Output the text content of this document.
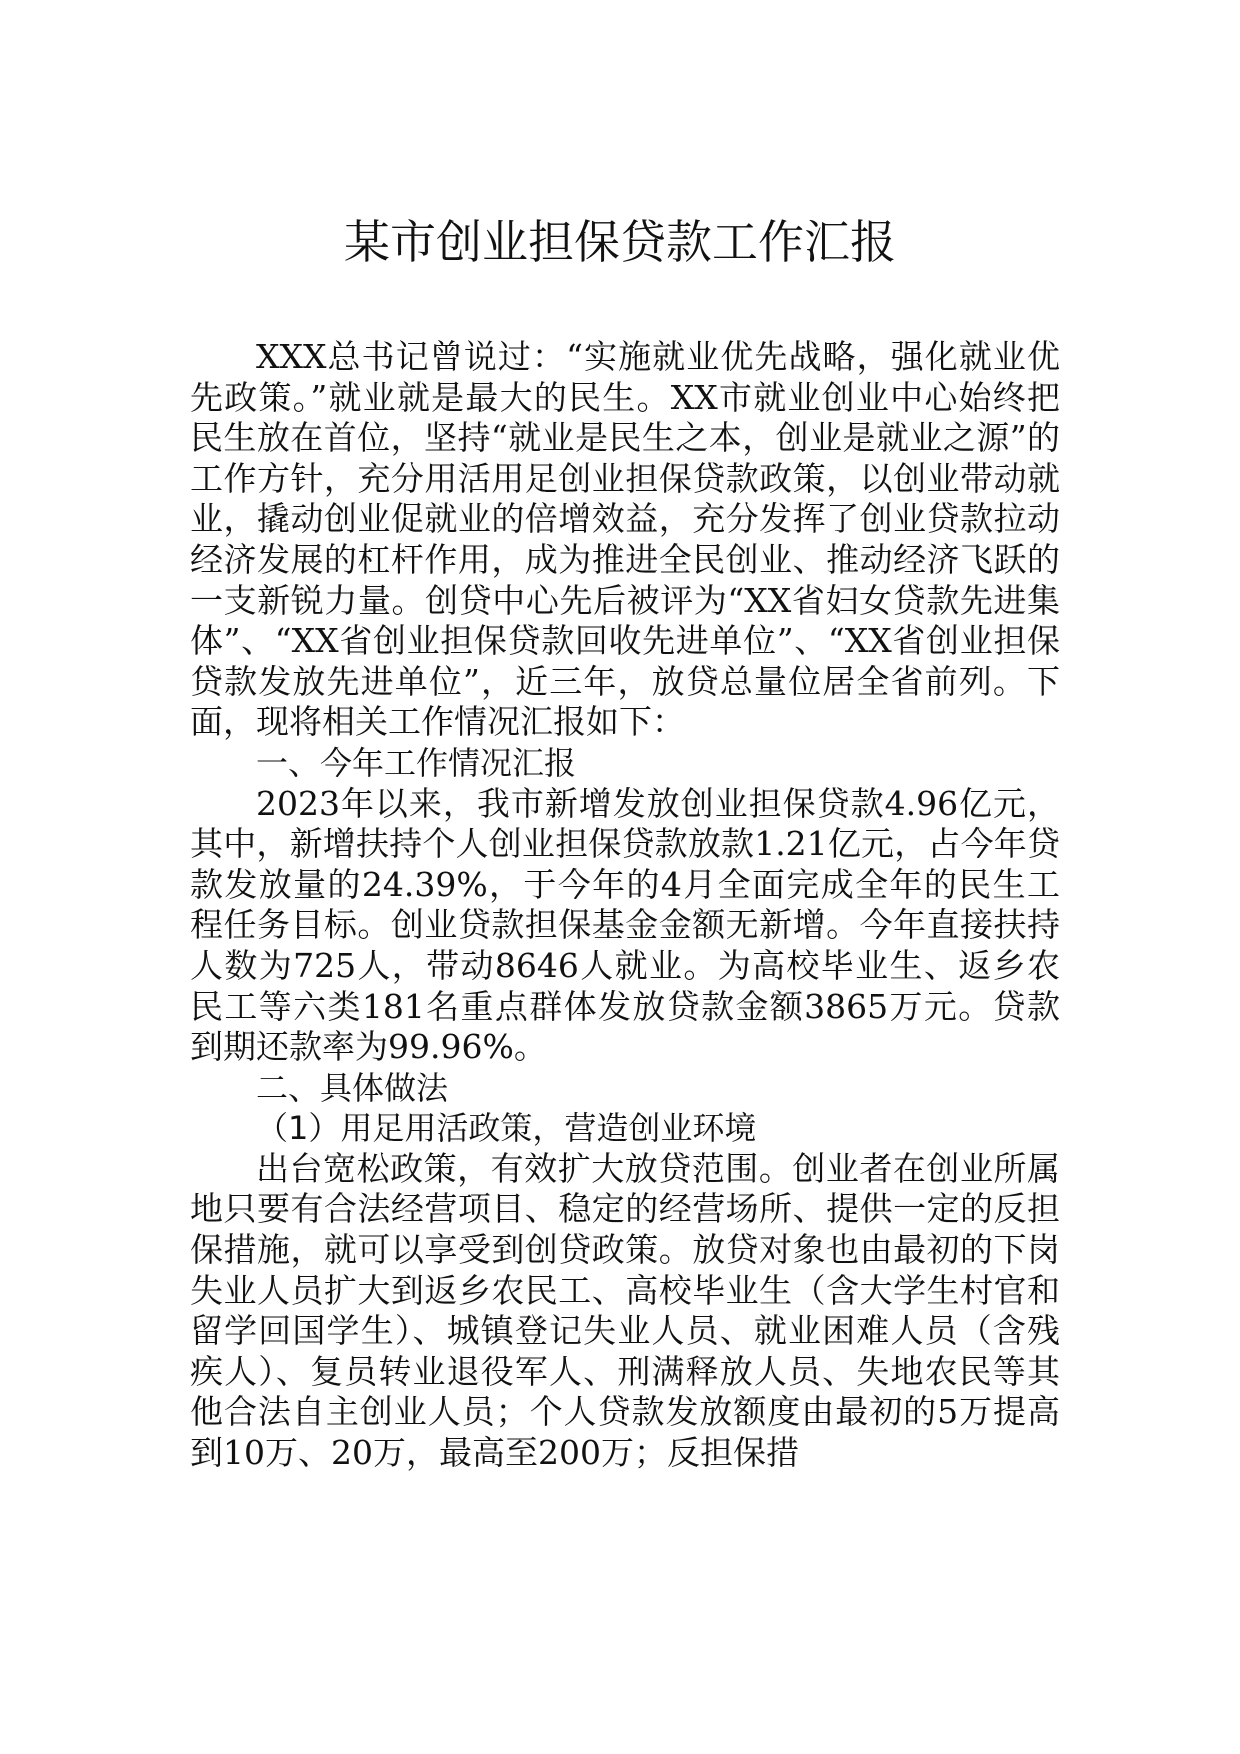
某市创业担保贷款工作汇报

XXX总书记曾说过：“实施就业优先战略，强化就业优先政策。”就业就是最大的民生。XX市就业创业中心始终把民生放在首位，坚持“就业是民生之本，创业是就业之源”的工作方针，充分用活用足创业担保贷款政策，以创业带动就业，撬动创业促就业的倍增效益，充分发挥了创业贷款拉动经济发展的杠杆作用，成为推进全民创业、推动经济飞跃的一支新锐力量。创贷中心先后被评为“XX省妇女贷款先进集体”、“XX省创业担保贷款回收先进单位”、“XX省创业担保贷款发放先进单位”，近三年，放贷总量位居全省前列。下面，现将相关工作情况汇报如下：

一、今年工作情况汇报

2023年以来，我市新增发放创业担保贷款4.96亿元，其中，新增扶持个人创业担保贷款放款1.21亿元，占今年贷款发放量的24.39%，于今年的4月全面完成全年的民生工程任务目标。创业贷款担保基金金额无新增。今年直接扶持人数为725人，带动8646人就业。为高校毕业生、返乡农民工等六类181名重点群体发放贷款金额3865万元。贷款到期还款率为99.96%。

二、具体做法

（1）用足用活政策，营造创业环境

出台宽松政策，有效扩大放贷范围。创业者在创业所属地只要有合法经营项目、稳定的经营场所、提供一定的反担保措施，就可以享受到创贷政策。放贷对象也由最初的下岗失业人员扩大到返乡农民工、高校毕业生（含大学生村官和留学回国学生）、城镇登记失业人员、就业困难人员（含残疾人）、复员转业退役军人、刑满释放人员、失地农民等其他合法自主创业人员；个人贷款发放额度由最初的5万提高到10万、20万，最高至200万；反担保措
